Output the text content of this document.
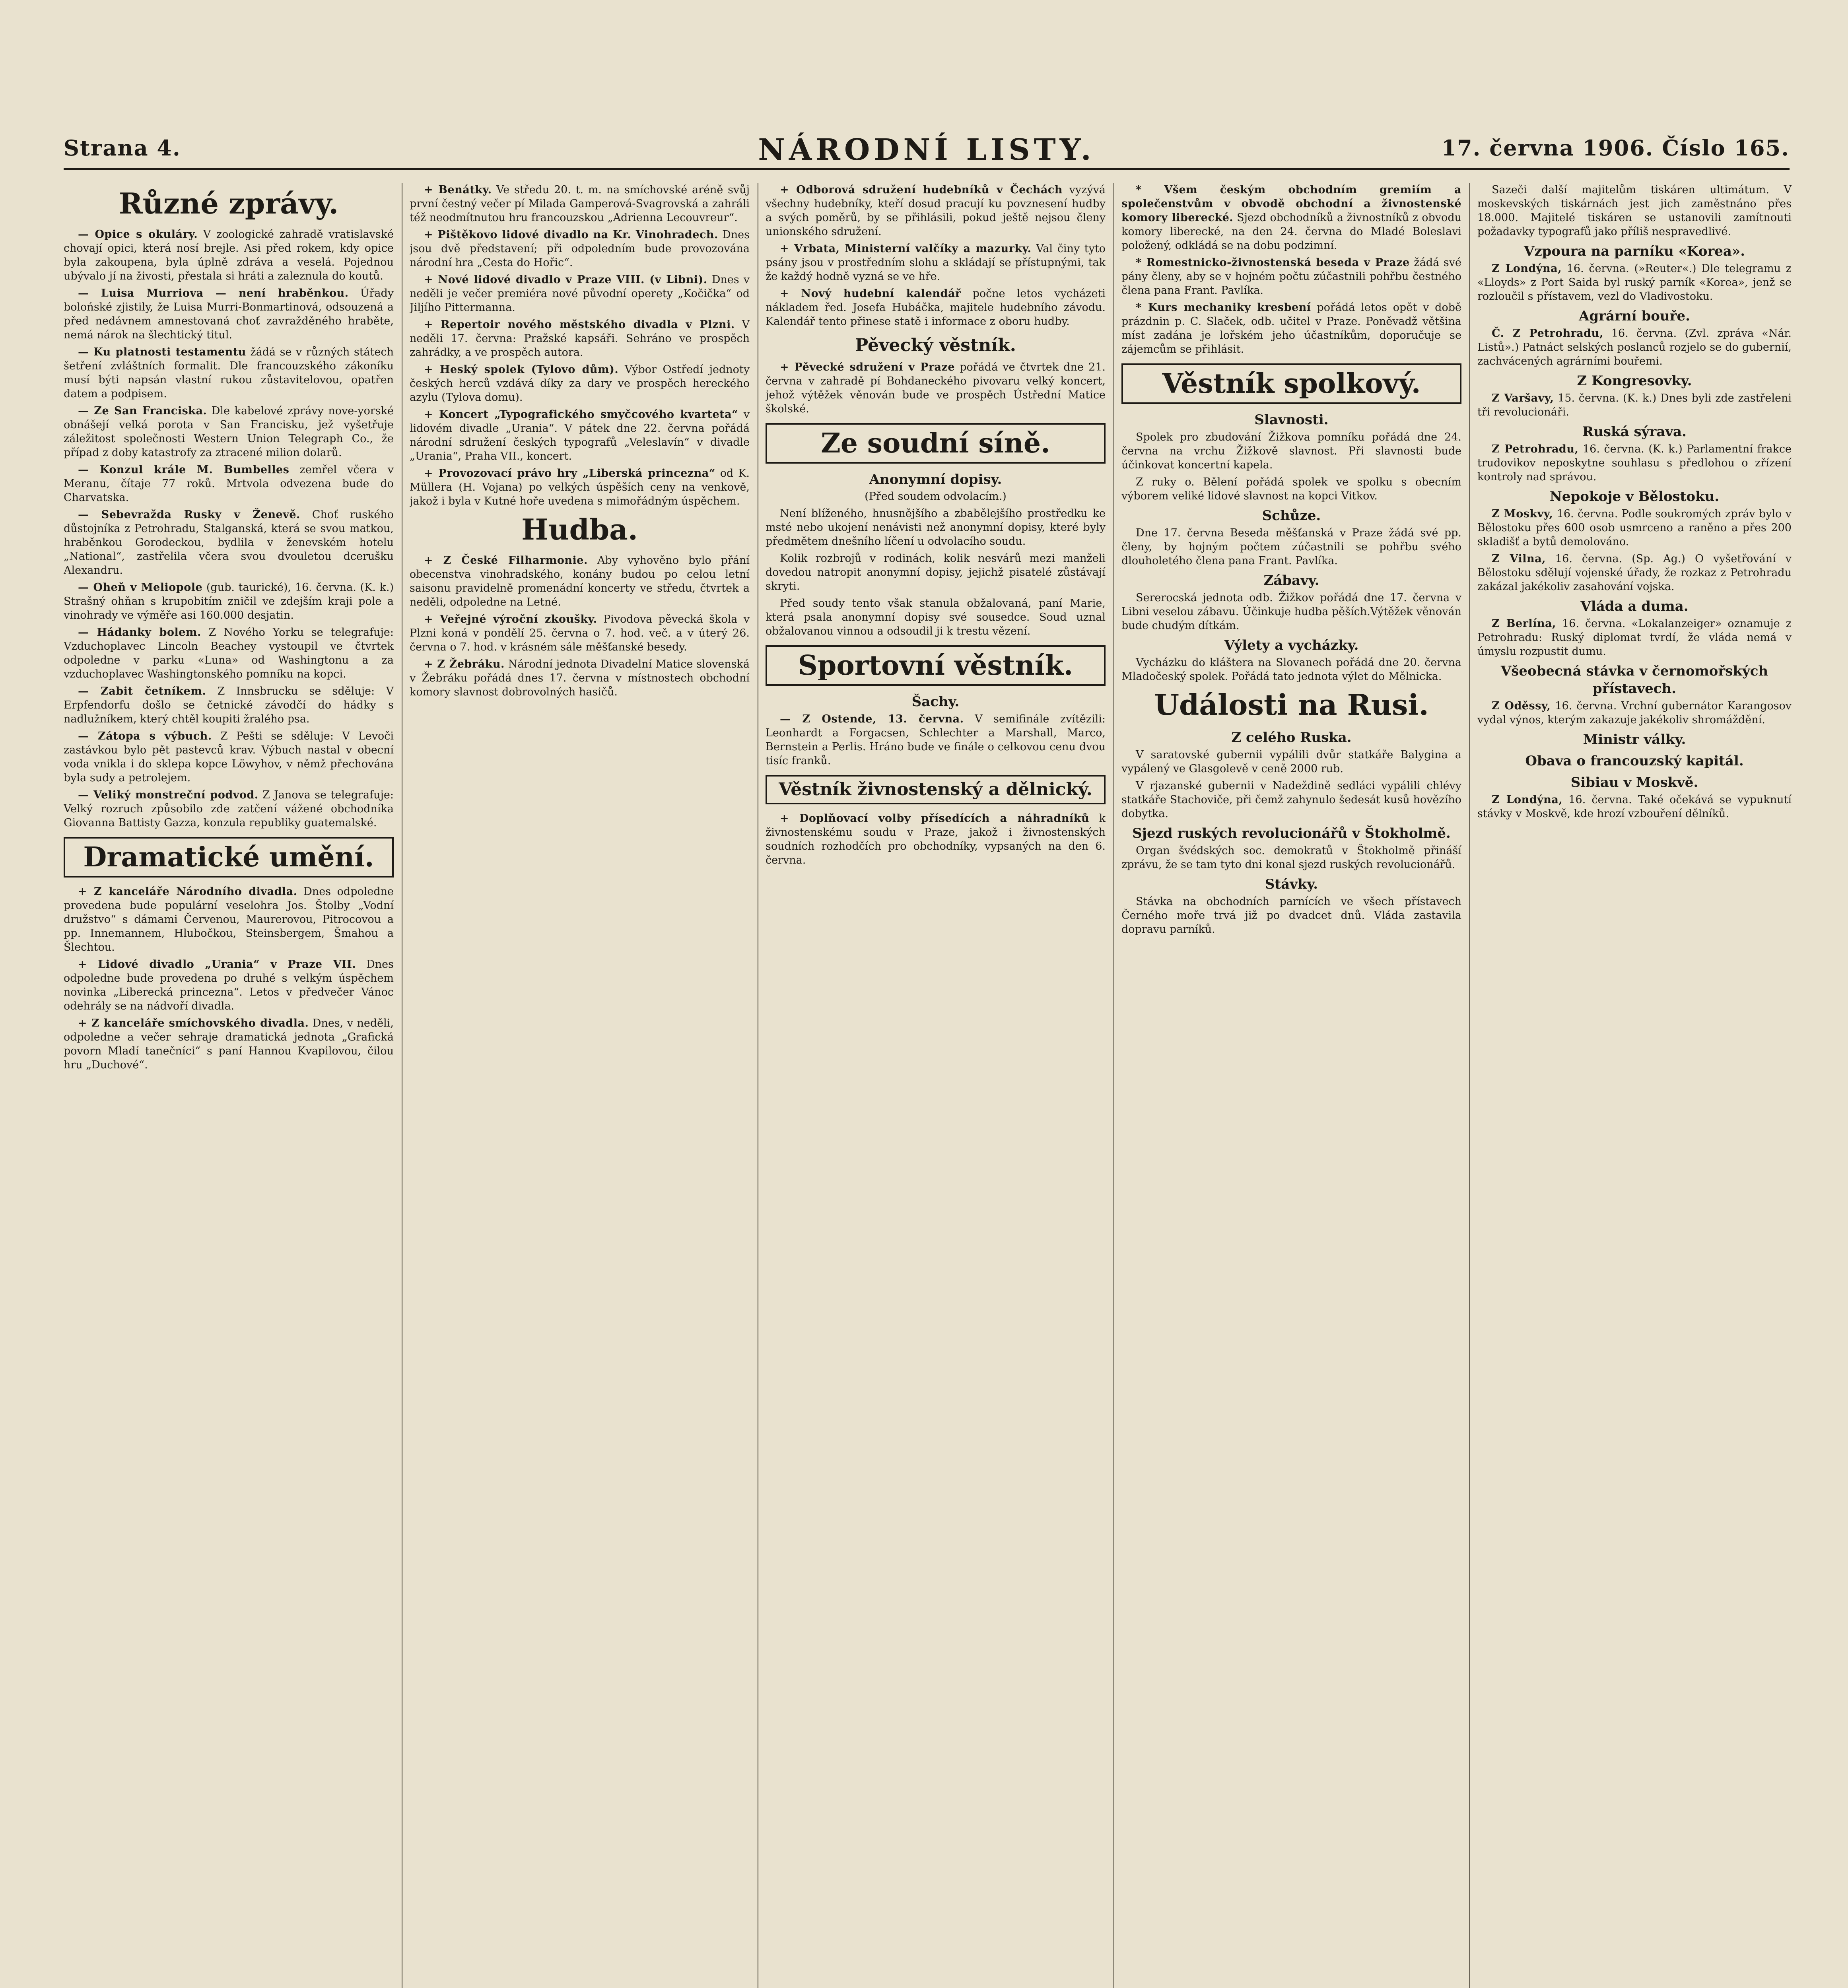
Strana 4.	NÁRODNÍ LISTY.	17. června 1906. Číslo 165.
Různé zprávy.

— Opice s okuláry. V zoologické zahradě vratislavské chovají opici, která nosí brejle. Asi před rokem, kdy opice byla zakoupena, byla úplně zdráva a veselá. Pojednou ubývalo jí na živosti, přestala si hráti a zaleznula do koutů.

— Luisa Murriova — není hraběnkou. Úřady bolońské zjistily, že Luisa Murri-Bonmartinová, odsouzená a před nedávnem amnestovaná choť zavražděného hraběte, nemá nárok na šlechtický titul.

— Ku platnosti testamentu žádá se v různých státech šetření zvláštních formalit. Dle francouzského zákoníku musí býti napsán vlastní rukou zůstavitelovou, opatřen datem a podpisem.

— Ze San Franciska. Dle kabelové zprávy nove-yorské obnášejí velká porota v San Francisku, jež vyšetřuje záležitost společnosti Western Union Telegraph Co., že případ z doby katastrofy za ztracené milion dolarů.

— Konzul krále M. Bumbelles zemřel včera v Meranu, čítaje 77 roků. Mrtvola odvezena bude do Charvatska.

— Sebevražda Rusky v Ženevě. Choť ruského důstojníka z Petrohradu, Stalganská, která se svou matkou, hraběnkou Gorodeckou, bydlila v ženevském hotelu „National“, zastřelila včera svou dvouletou dcerušku Alexandru.

— Oheň v Meliopole (gub. taurické), 16. června. (K. k.) Strašný ohňan s krupobitím zničil ve zdejším kraji pole a vinohrady ve výměře asi 160.000 desjatin.

— Hádanky bolem. Z Nového Yorku se telegrafuje: Vzduchoplavec Lincoln Beachey vystoupil ve čtvrtek odpoledne v parku «Luna» od Washingtonu a za vzduchoplavec Washingtonského pomníku na kopci.

— Zabit četníkem. Z Innsbrucku se sděluje: V Erpfendorfu došlo se četnické závodčí do hádky s nadlužníkem, který chtěl koupiti žralého psa.

— Zátopa s výbuch. Z Pešti se sděluje: V Levoči zastávkou bylo pět pastevců krav. Výbuch nastal v obecní voda vnikla i do sklepa kopce Löwyhov, v němž přechována byla sudy a petrolejem.

— Veliký monstreční podvod. Z Janova se telegrafuje: Velký rozruch způsobilo zde zatčení vážené obchodníka Giovanna Battisty Gazza, konzula republiky guatemalské.

Dramatické umění.

+ Z kanceláře Národního divadla. Dnes odpoledne provedena bude populární veselohra Jos. Štolby „Vodní družstvo“ s dámami Červenou, Maurerovou, Pitrocovou a pp. Innemannem, Hlubočkou, Steinsbergem, Šmahou a Šlechtou.

+ Lidové divadlo „Urania“ v Praze VII. Dnes odpoledne bude provedena po druhé s velkým úspěchem novinka „Liberecká princezna“. Letos v předvečer Vánoc odehrály se na nádvoří divadla.

+ Z kanceláře smíchovského divadla. Dnes, v neděli, odpoledne a večer sehraje dramatická jednota „Grafická povorn Mladí tanečníci“ s paní Hannou Kvapilovou, čilou hru „Duchové“.

+ Benátky. Ve středu 20. t. m. na smíchovské aréně svůj první čestný večer pí Milada Gamperová-Svagrovská a zahráli též neodmítnutou hru francouzskou „Adrienna Lecouvreur“.

+ Pištěkovo lidové divadlo na Kr. Vinohradech. Dnes jsou dvě představení; při odpoledním bude provozována národní hra „Cesta do Hořic“.

+ Nové lidové divadlo v Praze VIII. (v Libni). Dnes v neděli je večer premiéra nové původní operety „Kočička“ od Jiljího Pittermanna.

+ Repertoir nového městského divadla v Plzni. V neděli 17. června: Pražské kapsáři. Sehráno ve prospěch zahrádky, a ve prospěch autora.

+ Heský spolek (Tylovo dům). Výbor Ostředí jednoty českých herců vzdává díky za dary ve prospěch hereckého azylu (Tylova domu).

+ Koncert „Typografického smyčcového kvarteta“ v lidovém divadle „Urania“. V pátek dne 22. června pořádá národní sdružení českých typografů „Veleslavín“ v divadle „Urania“, Praha VII., koncert.

+ Provozovací právo hry „Liberská princezna“ od K. Müllera (H. Vojana) po velkých úspěších ceny na venkově, jakož i byla v Kutné hoře uvedena s mimořádným úspěchem.

Hudba.

+ Z České Filharmonie. Aby vyhověno bylo přání obecenstva vinohradského, konány budou po celou letní saisonu pravidelně promenádní koncerty ve středu, čtvrtek a neděli, odpoledne na Letné.

+ Veřejné výroční zkoušky. Pivodova pěvecká škola v Plzni koná v pondělí 25. června o 7. hod. več. a v úterý 26. června o 7. hod. v krásném sále měšťanské besedy.

+ Z Žebráku. Národní jednota Divadelní Matice slovenská v Žebráku pořádá dnes 17. června v místnostech obchodní komory slavnost dobrovolných hasičů.

+ Odborová sdružení hudebníků v Čechách vyzývá všechny hudebníky, kteří dosud pracují ku povznesení hudby a svých poměrů, by se přihlásili, pokud ještě nejsou členy unionského sdružení.

+ Vrbata, Ministerní valčíky a mazurky. Val činy tyto psány jsou v prostředním slohu a skládají se přístupnými, tak že každý hodně vyzná se ve hře.

+ Nový hudební kalendář počne letos vycházeti nákladem řed. Josefa Hubáčka, majitele hudebního závodu. Kalendář tento přinese statě i informace z oboru hudby.

Pěvecký věstník.

+ Pěvecké sdružení v Praze pořádá ve čtvrtek dne 21. června v zahradě pí Bohdaneckého pivovaru velký koncert, jehož výtěžek věnován bude ve prospěch Ústřední Matice školské.

Ze soudní síně.
Anonymní dopisy.
(Před soudem odvolacím.)

Není blíženého, hnusnějšího a zbabělejšího prostředku ke msté nebo ukojení nenávisti než anonymní dopisy, které byly předmětem dnešního líčení u odvolacího soudu.

Kolik rozbrojů v rodinách, kolik nesvárů mezi manželi dovedou natropit anonymní dopisy, jejichž pisatelé zůstávají skryti.

Před soudy tento však stanula obžalovaná, paní Marie, která psala anonymní dopisy své sousedce. Soud uznal obžalovanou vinnou a odsoudil ji k trestu vězení.

Sportovní věstník.
Šachy.

— Z Ostende, 13. června. V semifinále zvítězili: Leonhardt a Forgacsen, Schlechter a Marshall, Marco, Bernstein a Perlis. Hráno bude ve finále o celkovou cenu dvou tisíc franků.

Věstník živnostenský a dělnický.

+ Doplňovací volby přísedících a náhradníků k živnostenskému soudu v Praze, jakož i živnostenských soudních rozhodčích pro obchodníky, vypsaných na den 6. června.

* Všem českým obchodním gremiím a společenstvům v obvodě obchodní a živnostenské komory liberecké. Sjezd obchodníků a živnostníků z obvodu komory liberecké, na den 24. června do Mladé Boleslavi položený, odkládá se na dobu podzimní.

* Romestnicko-živnostenská beseda v Praze žádá své pány členy, aby se v hojném počtu zúčastnili pohřbu čestného člena pana Frant. Pavlíka.

* Kurs mechaniky kresbení pořádá letos opět v době prázdnin p. C. Slaček, odb. učitel v Praze. Poněvadž většina míst zadána je lořském jeho účastníkům, doporučuje se zájemcům se přihlásit.

Věstník spolkový.
Slavnosti.

Spolek pro zbudování Žižkova pomníku pořádá dne 24. června na vrchu Žižkově slavnost. Při slavnosti bude účinkovat koncertní kapela.

Z ruky o. Bělení pořádá spolek ve spolku s obecním výborem veliké lidové slavnost na kopci Vitkov.

Schůze.

Dne 17. června Beseda měšťanská v Praze žádá své pp. členy, by hojným počtem zúčastnili se pohřbu svého dlouholetého člena pana Frant. Pavlíka.

Zábavy.

Sererocská jednota odb. Žižkov pořádá dne 17. června v Libni veselou zábavu. Účinkuje hudba pěších.Výtěžek věnován bude chudým dítkám.

Výlety a vycházky.

Vycházku do kláštera na Slovanech pořádá dne 20. června Mladočeský spolek. Pořádá tato jednota výlet do Mělnicka.

Události na Rusi.
Z celého Ruska.

V saratovské gubernii vypálili dvůr statkáře Balygina a vypálený ve Glasgolevě v ceně 2000 rub.

V rjazanské gubernii v Nadeždině sedláci vypálili chlévy statkáře Stachoviče, při čemž zahynulo šedesát kusů hovězího dobytka.

Sjezd ruských revolucionářů v Štokholmě.

Organ švédských soc. demokratů v Štokholmě přináší zprávu, že se tam tyto dni konal sjezd ruských revolucionářů.

Stávky.

Stávka na obchodních parnících ve všech přístavech Černého moře trvá již po dvadcet dnů. Vláda zastavila dopravu parníků.

Sazeči další majitelům tiskáren ultimátum. V moskevských tiskárnách jest jich zaměstnáno přes 18.000. Majitelé tiskáren se ustanovili zamítnouti požadavky typografů jako příliš nespravedlivé.

Vzpoura na parníku «Korea».

Z Londýna, 16. června. (»Reuter«.) Dle telegramu z «Lloyds» z Port Saida byl ruský parník «Korea», jenž se rozloučil s přístavem, vezl do Vladivostoku.

Agrární bouře.

Č. Z Petrohradu, 16. června. (Zvl. zpráva «Nár. Listů».) Patnáct selských poslanců rozjelo se do gubernií, zachvácených agrárními bouřemi.

Z Kongresovky.

Z Varšavy, 15. června. (K. k.) Dnes byli zde zastřeleni tři revolucionáři.

Ruská sýrava.

Z Petrohradu, 16. června. (K. k.) Parlamentní frakce trudovikov neposkytne souhlasu s předlohou o zřízení kontroly nad správou.

Nepokoje v Bělostoku.

Z Moskvy, 16. června. Podle soukromých zpráv bylo v Bělostoku přes 600 osob usmrceno a raněno a přes 200 skladišť a bytů demolováno.

Z Vilna, 16. června. (Sp. Ag.) O vyšetřování v Bělostoku sdělují vojenské úřady, že rozkaz z Petrohradu zakázal jakékoliv zasahování vojska.

Vláda a duma.

Z Berlína, 16. června. «Lokalanzeiger» oznamuje z Petrohradu: Ruský diplomat tvrdí, že vláda nemá v úmyslu rozpustit dumu.

Všeobecná stávka v černomořských přístavech.

Z Oděssy, 16. června. Vrchní gubernátor Karangosov vydal výnos, kterým zakazuje jakékoliv shromáždění.

Ministr války.
Obava o francouzský kapitál.
Sibiau v Moskvě.

Z Londýna, 16. června. Také očekává se vypuknutí stávky v Moskvě, kde hrozí vzbouření dělníků.
